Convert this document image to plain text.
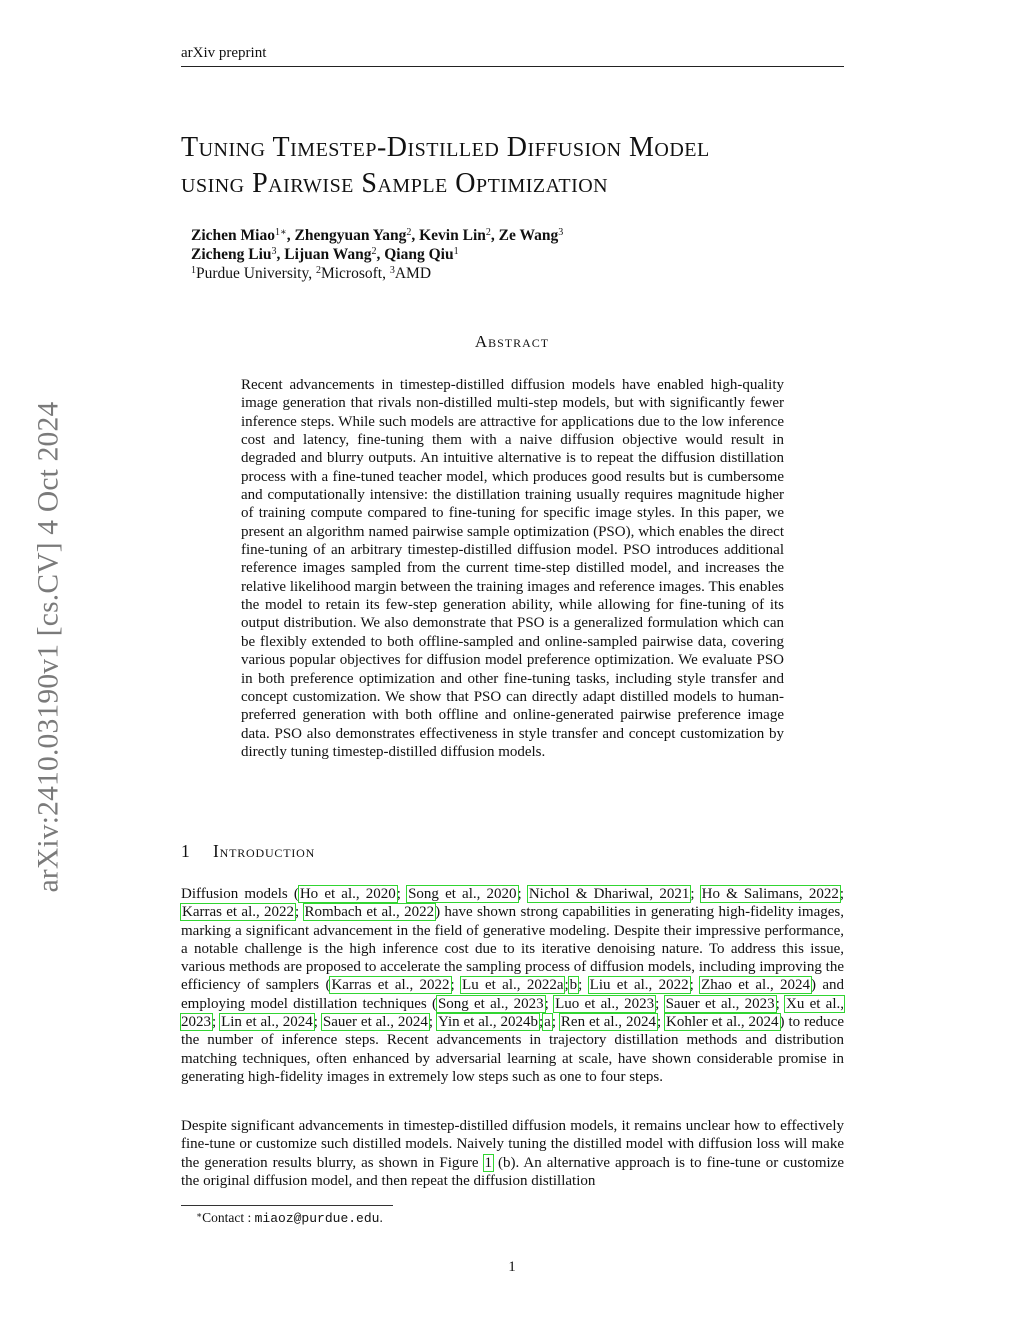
arXiv preprint
arXiv:2410.03190v1 [cs.CV] 4 Oct 2024
Tuning Timestep-Distilled Diffusion Model
using Pairwise Sample Optimization
Zichen Miao$^{1∗}$, Zhengyuan Yang$^2$, Kevin Lin$^2$, Ze Wang$^3$
Zicheng Liu$^3$, Lijuan Wang$^2$, Qiang Qiu$^1$
$^1$Purdue University, $^2$Microsoft, $^3$AMD
Abstract

Recent advancements in timestep-distilled diffusion models have enabled high-quality image generation that rivals non-distilled multi-step models, but with significantly fewer inference steps. While such models are attractive for applications due to the low inference cost and latency, fine-tuning them with a naive diffusion objective would result in degraded and blurry outputs. An intuitive alternative is to repeat the diffusion distillation process with a fine-tuned teacher model, which produces good results but is cumbersome and computationally intensive: the distillation training usually requires magnitude higher of training compute compared to fine-tuning for specific image styles. In this paper, we present an algorithm named pairwise sample optimization (PSO), which enables the direct fine-tuning of an arbitrary timestep-distilled diffusion model. PSO introduces additional reference images sampled from the current time-step distilled model, and increases the relative likelihood margin between the training images and reference images. This enables the model to retain its few-step generation ability, while allowing for fine-tuning of its output distribution. We also demonstrate that PSO is a generalized formulation which can be flexibly extended to both offline-sampled and online-sampled pairwise data, covering various popular objectives for diffusion model preference optimization. We evaluate PSO in both preference optimization and other fine-tuning tasks, including style transfer and concept customization. We show that PSO can directly adapt distilled models to human-preferred generation with both offline and online-generated pairwise preference image data. PSO also demonstrates effectiveness in style transfer and concept customization by directly tuning timestep-distilled diffusion models.

1 Introduction

Diffusion models (Ho et al., 2020; Song et al., 2020; Nichol & Dhariwal, 2021; Ho & Salimans, 2022; Karras et al., 2022; Rombach et al., 2022) have shown strong capabilities in generating high-fidelity images, marking a significant advancement in the field of generative modeling. Despite their impressive performance, a notable challenge is the high inference cost due to its iterative denoising nature. To address this issue, various methods are proposed to accelerate the sampling process of diffusion models, including improving the efficiency of samplers (Karras et al., 2022; Lu et al., 2022a;b; Liu et al., 2022; Zhao et al., 2024) and employing model distillation techniques (Song et al., 2023; Luo et al., 2023; Sauer et al., 2023; Xu et al., 2023; Lin et al., 2024; Sauer et al., 2024; Yin et al., 2024b;a; Ren et al., 2024; Kohler et al., 2024) to reduce the number of inference steps. Recent advancements in trajectory distillation methods and distribution matching techniques, often enhanced by adversarial learning at scale, have shown considerable promise in generating high-fidelity images in extremely low steps such as one to four steps.

Despite significant advancements in timestep-distilled diffusion models, it remains unclear how to effectively fine-tune or customize such distilled models. Naively tuning the distilled model with diffusion loss will make the generation results blurry, as shown in Figure 1 (b). An alternative approach is to fine-tune or customize the original diffusion model, and then repeat the diffusion distillation

∗Contact : miaoz@purdue.edu.
1
